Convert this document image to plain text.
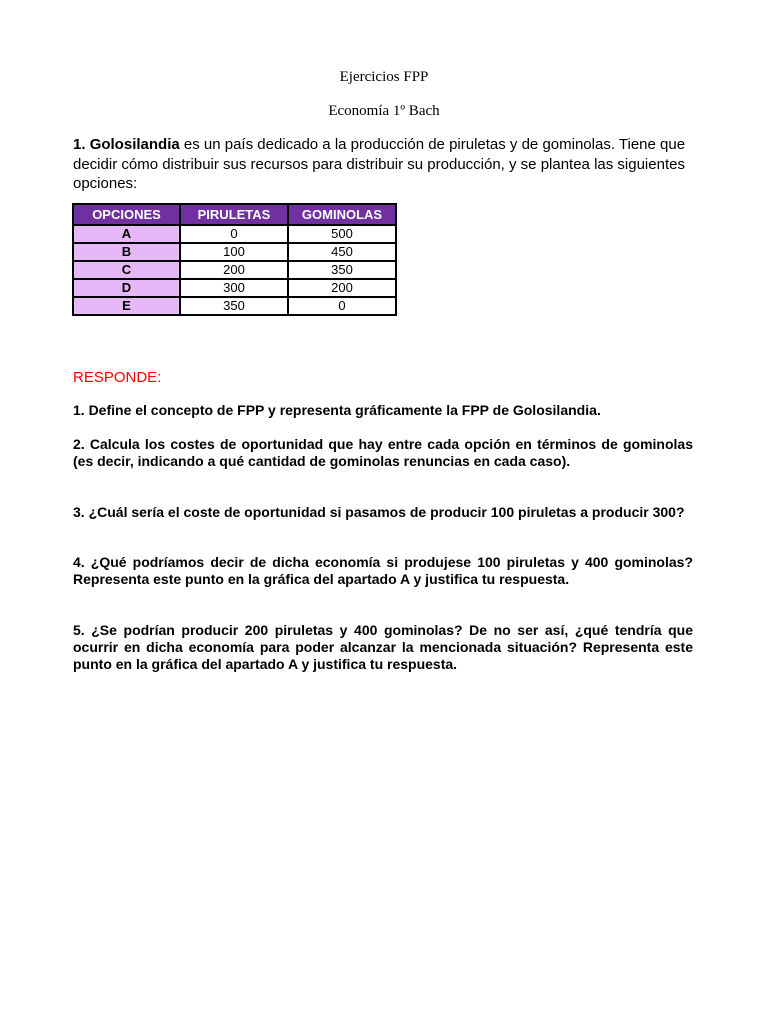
Ejercicios FPP
Economía 1º Bach
1. Golosilandia es un país dedicado a la producción de piruletas y de gominolas. Tiene que decidir cómo distribuir sus recursos para distribuir su producción, y se plantea las siguientes opciones:
OPCIONES	PIRULETAS	GOMINOLAS
A	0	500
B	100	450
C	200	350
D	300	200
E	350	0
RESPONDE:
1. Define el concepto de FPP y representa gráficamente la FPP de Golosilandia.
2. Calcula los costes de oportunidad que hay entre cada opción en términos de gominolas (es decir, indicando a qué cantidad de gominolas renuncias en cada caso).
3. ¿Cuál sería el coste de oportunidad si pasamos de producir 100 piruletas a producir 300?
4. ¿Qué podríamos decir de dicha economía si produjese 100 piruletas y 400 gominolas? Representa este punto en la gráfica del apartado A y justifica tu respuesta.
5. ¿Se podrían producir 200 piruletas y 400 gominolas? De no ser así, ¿qué tendría que ocurrir en dicha economía para poder alcanzar la mencionada situación? Representa este punto en la gráfica del apartado A y justifica tu respuesta.
